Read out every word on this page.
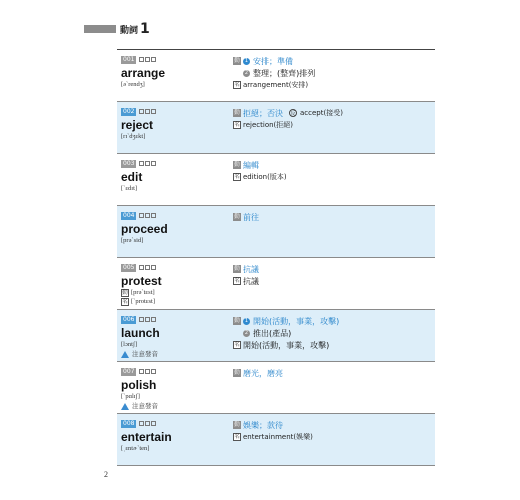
動詞 1
001
arrange
[ə`rendʒ]
動	1 安排；準備
2 整理；(整齊)排列
名 arrangement(安排)
002
reject
[rɪ`dʒɛkt]
動 拒絕；否決 反 accept(接受)
名 rejection(拒絕)
003
edit
[`ɛdɪt]
動 編輯
名 edition(版本)
004
proceed
[prə`sid]
動 前往
005
protest
動 [prə`tɛst]
名 [`protɛst]
動 抗議
名 抗議
006
launch
[lɔntʃ]
注意發音
動	1 開始(活動，事業，攻擊)
2 推出(產品)
名 開始(活動，事業，攻擊)
007
polish
[`pɑlɪʃ]
注意發音
動 磨光，磨亮
008
entertain
[ˌɛntɚ`ten]
動 娛樂；款待
名 entertainment(娛樂)
2
